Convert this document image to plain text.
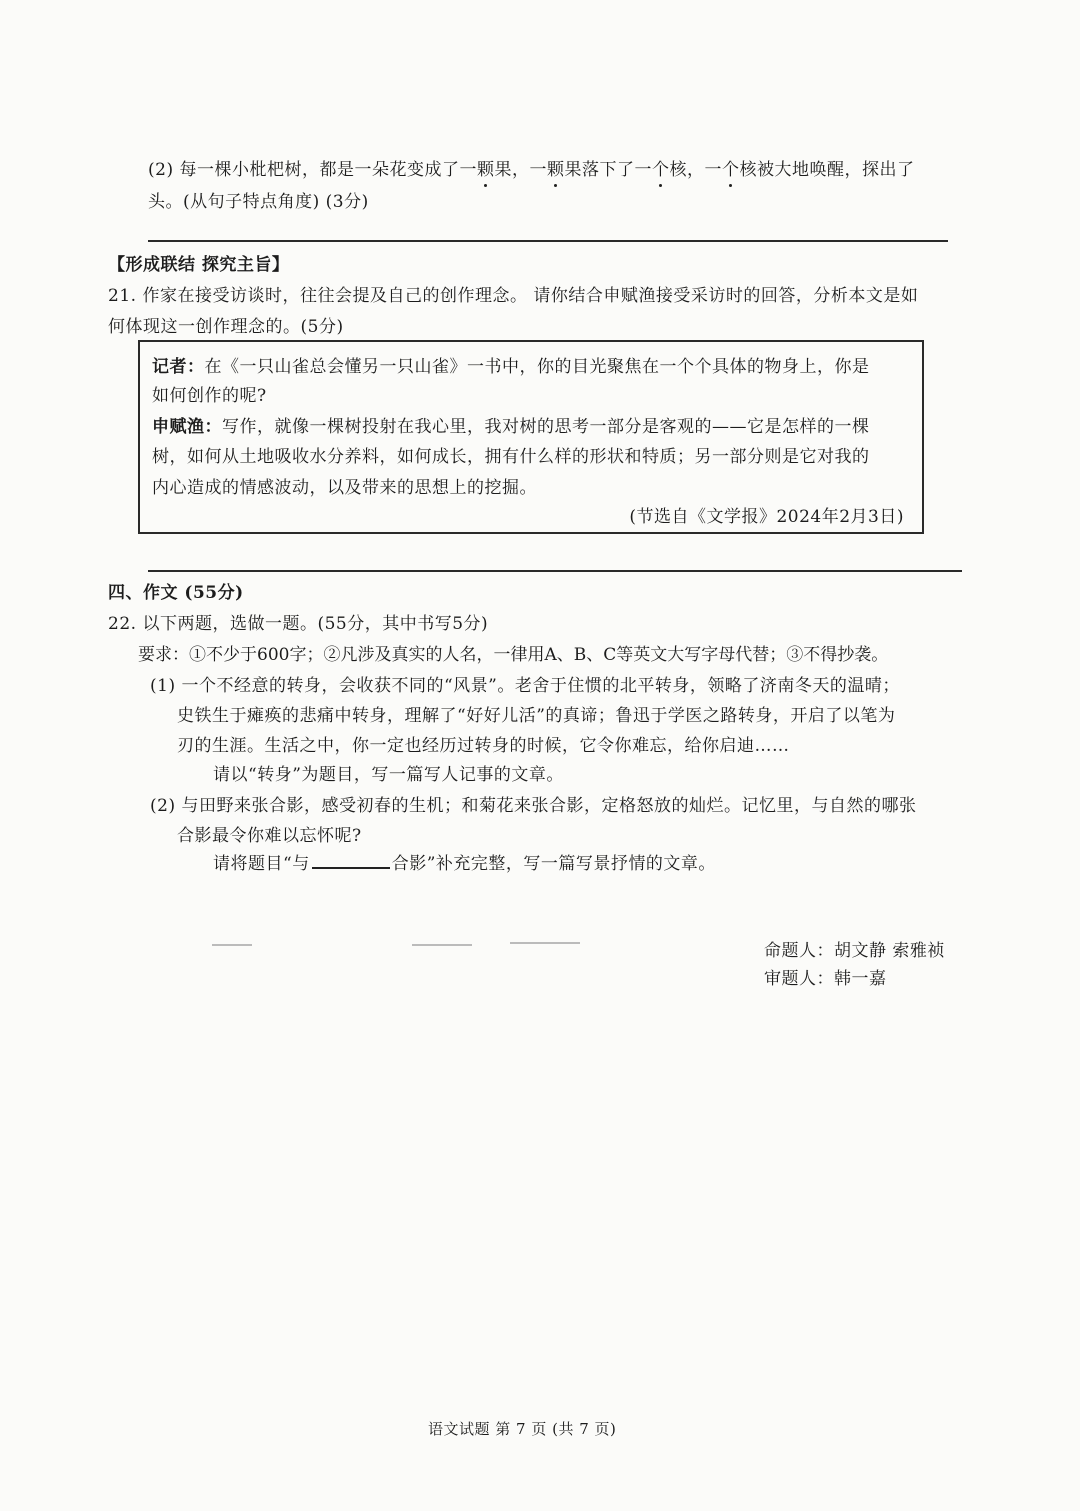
(2) 每一棵小枇杷树，都是一朵花变成了一颗果，一颗果落下了一个核，一个核被大地唤醒，探出了
头。(从句子特点角度) (3分)
【形成联结 探究主旨】
21. 作家在接受访谈时，往往会提及自己的创作理念。 请你结合申赋渔接受采访时的回答，分析本文是如
何体现这一创作理念的。(5分)
记者：在《一只山雀总会懂另一只山雀》一书中，你的目光聚焦在一个个具体的物身上，你是
如何创作的呢?
申赋渔：写作，就像一棵树投射在我心里，我对树的思考一部分是客观的——它是怎样的一棵
树，如何从土地吸收水分养料，如何成长，拥有什么样的形状和特质；另一部分则是它对我的
内心造成的情感波动，以及带来的思想上的挖掘。
(节选自《文学报》2024年2月3日)
四、作文 (55分)
22. 以下两题，选做一题。(55分，其中书写5分)
要求：①不少于600字；②凡涉及真实的人名，一律用A、B、C等英文大写字母代替；③不得抄袭。
(1) 一个不经意的转身，会收获不同的“风景”。老舍于住惯的北平转身，领略了济南冬天的温晴；
史铁生于瘫痪的悲痛中转身，理解了“好好儿活”的真谛；鲁迅于学医之路转身，开启了以笔为
刃的生涯。生活之中，你一定也经历过转身的时候，它令你难忘，给你启迪……
请以“转身”为题目，写一篇写人记事的文章。
(2) 与田野来张合影，感受初春的生机；和菊花来张合影，定格怒放的灿烂。记忆里，与自然的哪张
合影最令你难以忘怀呢?
请将题目“与	合影”补充完整，写一篇写景抒情的文章。
命题人：胡文静 索雅祯
审题人：韩一嘉
语文试题 第 7 页 (共 7 页)
